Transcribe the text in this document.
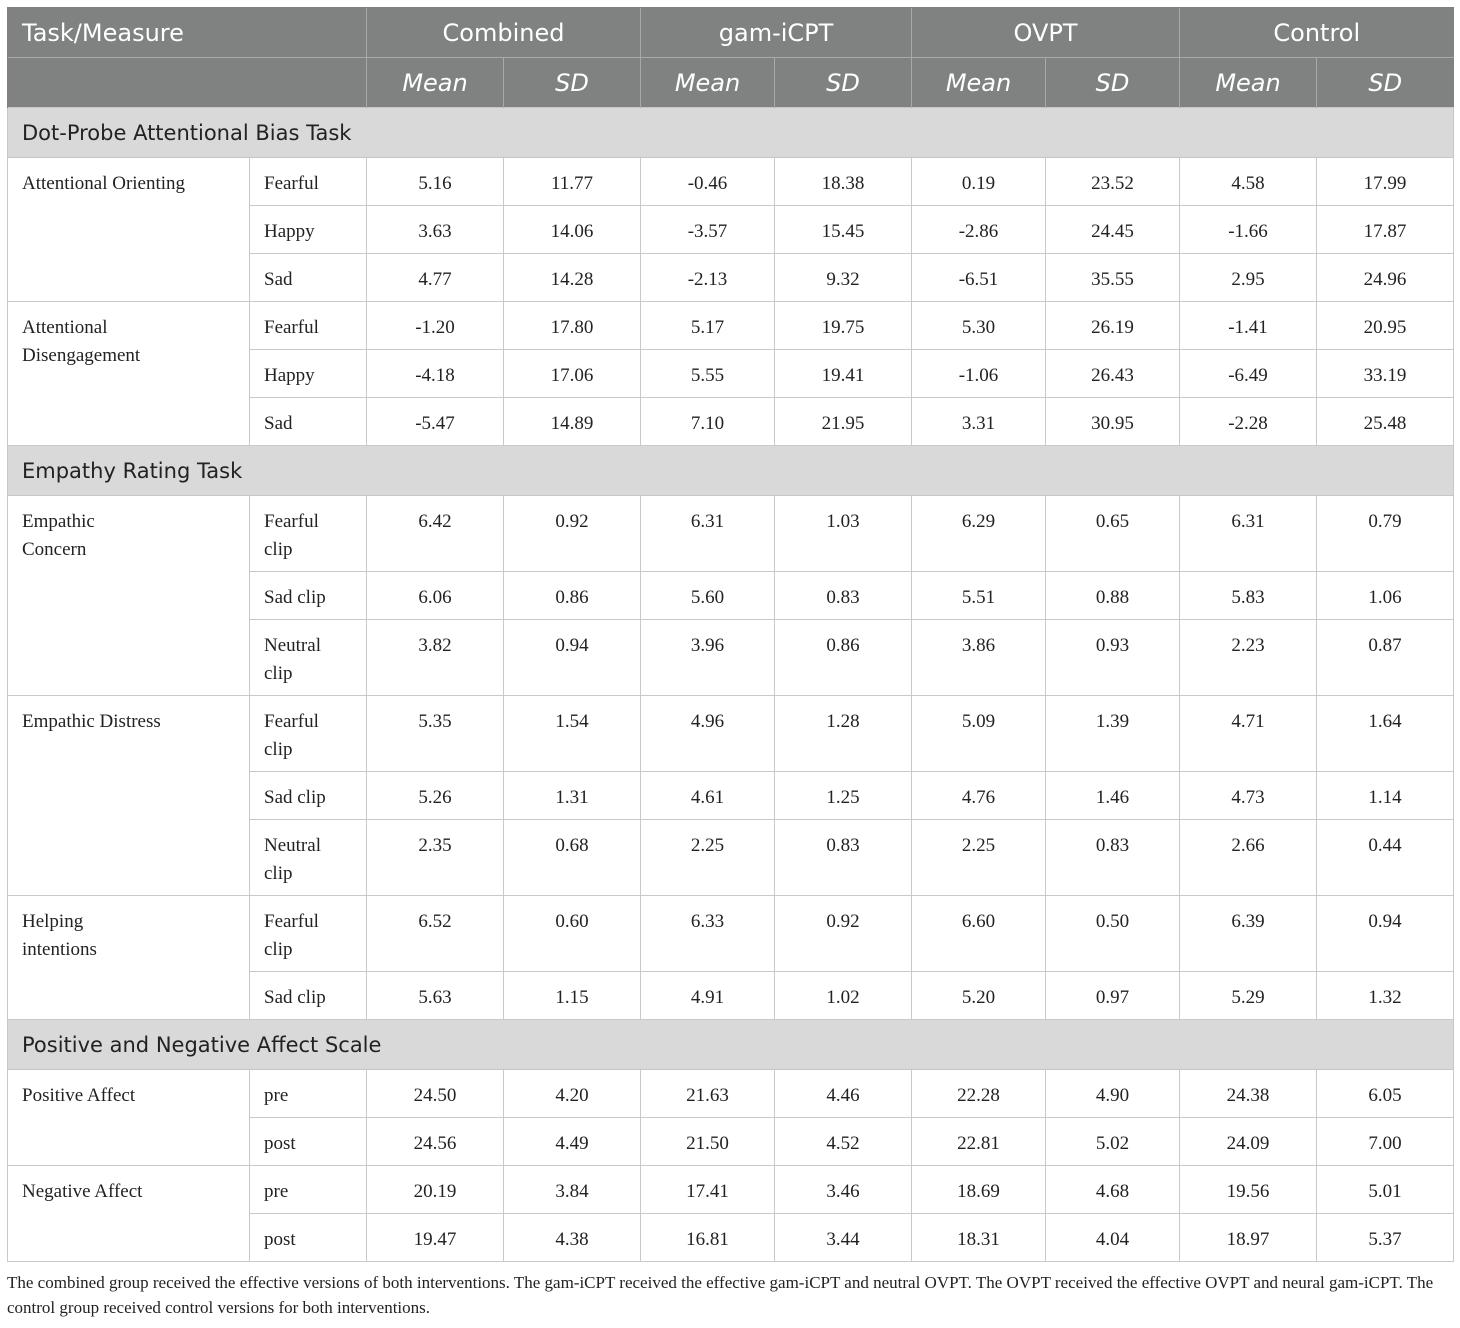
Task/Measure		Combined		gam-iCPT		OVPT		Control	
		Mean	SD	Mean	SD	Mean	SD	Mean	SD
Dot-Probe Attentional Bias Task									
Attentional Orienting	Fearful	5.16	11.77	-0.46	18.38	0.19	23.52	4.58	17.99
	Happy	3.63	14.06	-3.57	15.45	-2.86	24.45	-1.66	17.87
	Sad	4.77	14.28	-2.13	9.32	-6.51	35.55	2.95	24.96
Attentional Disengagement	Fearful	-1.20	17.80	5.17	19.75	5.30	26.19	-1.41	20.95
	Happy	-4.18	17.06	5.55	19.41	-1.06	26.43	-6.49	33.19
	Sad	-5.47	14.89	7.10	21.95	3.31	30.95	-2.28	25.48
Empathy Rating Task									
Empathic Concern	Fearful clip	6.42	0.92	6.31	1.03	6.29	0.65	6.31	0.79
	Sad clip	6.06	0.86	5.60	0.83	5.51	0.88	5.83	1.06
	Neutral clip	3.82	0.94	3.96	0.86	3.86	0.93	2.23	0.87
Empathic Distress	Fearful clip	5.35	1.54	4.96	1.28	5.09	1.39	4.71	1.64
	Sad clip	5.26	1.31	4.61	1.25	4.76	1.46	4.73	1.14
	Neutral clip	2.35	0.68	2.25	0.83	2.25	0.83	2.66	0.44
Helping intentions	Fearful clip	6.52	0.60	6.33	0.92	6.60	0.50	6.39	0.94
	Sad clip	5.63	1.15	4.91	1.02	5.20	0.97	5.29	1.32
Positive and Negative Affect Scale									
Positive Affect	pre	24.50	4.20	21.63	4.46	22.28	4.90	24.38	6.05
	post	24.56	4.49	21.50	4.52	22.81	5.02	24.09	7.00
Negative Affect	pre	20.19	3.84	17.41	3.46	18.69	4.68	19.56	5.01
	post	19.47	4.38	16.81	3.44	18.31	4.04	18.97	5.37
The combined group received the effective versions of both interventions. The gam-iCPT received the effective gam-iCPT and neutral OVPT. The OVPT received the effective OVPT and neural gam-iCPT. The control group received control versions for both interventions.
